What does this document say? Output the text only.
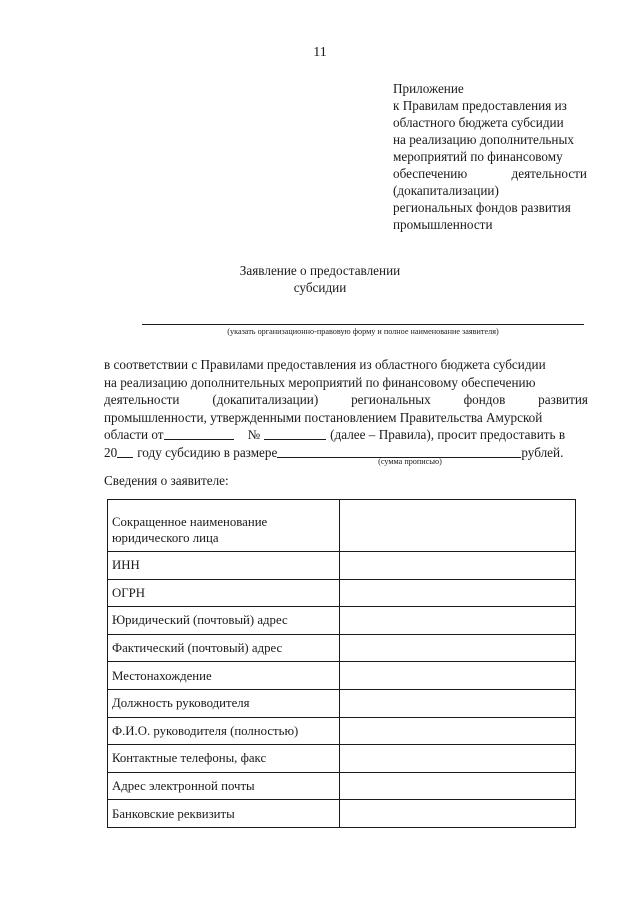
11
Приложение
к Правилам предоставления из
областного бюджета субсидии
на реализацию дополнительных
мероприятий по финансовому
обеспечению	деятельности
(докапитализации)
региональных фондов развития
промышленности
Заявление о предоставлении
субсидии
(указать организационно-правовую форму и полное наименование заявителя)
в соответствии с Правилами предоставления из областного бюджета субсидии
на реализацию дополнительных мероприятий по финансовому обеспечению
деятельности (докапитализации) региональных фондов развития
промышленности, утвержденными постановлением Правительства Амурской
области от	№	(далее – Правила), просит предоставить в
20 году субсидию в размере	рублей.
(сумма прописью)
Сведения о заявителе:
Сокращенное наименование юридического лица	
ИНН	
ОГРН	
Юридический (почтовый) адрес	
Фактический (почтовый) адрес	
Местонахождение	
Должность руководителя	
Ф.И.О. руководителя (полностью)	
Контактные телефоны, факс	
Адрес электронной почты	
Банковские реквизиты	
